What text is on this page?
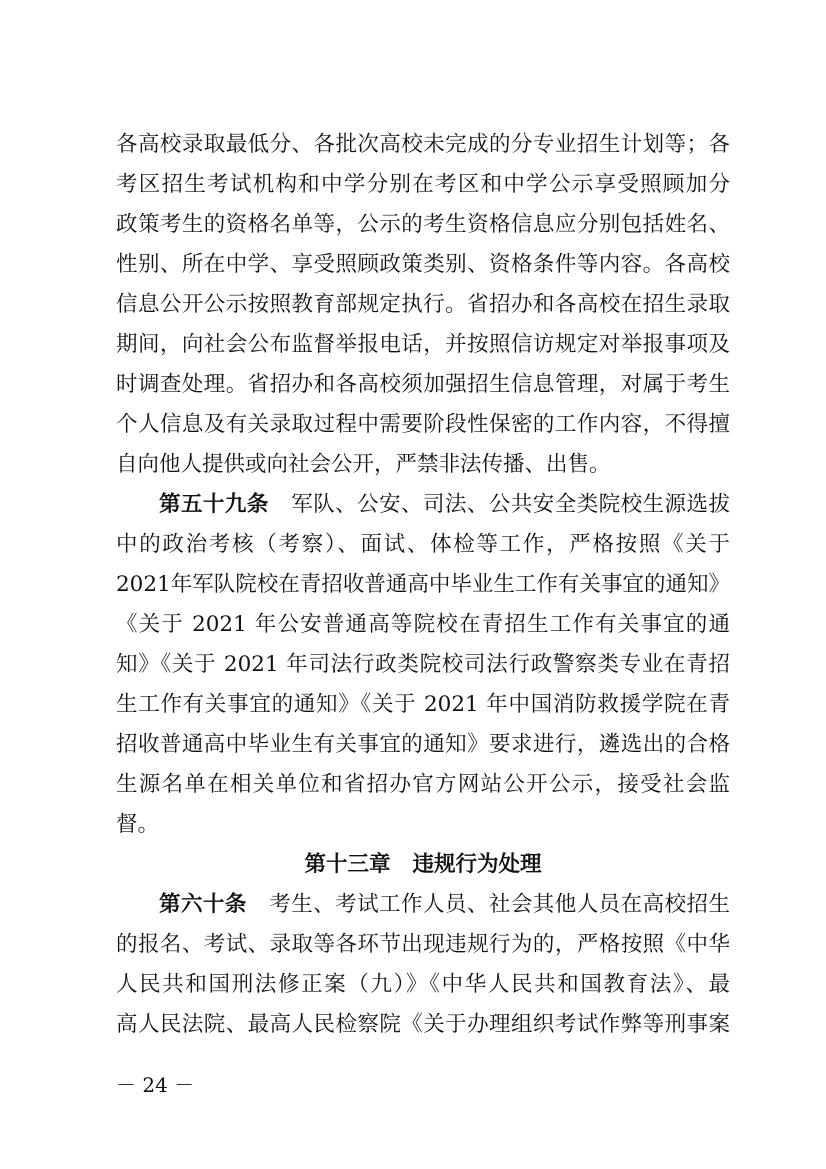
各高校录取最低分、各批次高校未完成的分专业招生计划等；各
考区招生考试机构和中学分别在考区和中学公示享受照顾加分
政策考生的资格名单等，公示的考生资格信息应分别包括姓名、
性别、所在中学、享受照顾政策类别、资格条件等内容。各高校
信息公开公示按照教育部规定执行。省招办和各高校在招生录取
期间，向社会公布监督举报电话，并按照信访规定对举报事项及
时调查处理。省招办和各高校须加强招生信息管理，对属于考生
个人信息及有关录取过程中需要阶段性保密的工作内容，不得擅
自向他人提供或向社会公开，严禁非法传播、出售。
第五十九条 军队、公安、司法、公共安全类院校生源选拔
中的政治考核（考察）、面试、体检等工作，严格按照《关于
2021年军队院校在青招收普通高中毕业生工作有关事宜的通知》
《关于 2021 年公安普通高等院校在青招生工作有关事宜的通
知》《关于 2021 年司法行政类院校司法行政警察类专业在青招
生工作有关事宜的通知》《关于 2021 年中国消防救援学院在青
招收普通高中毕业生有关事宜的通知》要求进行，遴选出的合格
生源名单在相关单位和省招办官方网站公开公示，接受社会监
督。
第十三章 违规行为处理
第六十条 考生、考试工作人员、社会其他人员在高校招生
的报名、考试、录取等各环节出现违规行为的，严格按照《中华
人民共和国刑法修正案（九）》《中华人民共和国教育法》、最
高人民法院、最高人民检察院《关于办理组织考试作弊等刑事案
－ 24 －
